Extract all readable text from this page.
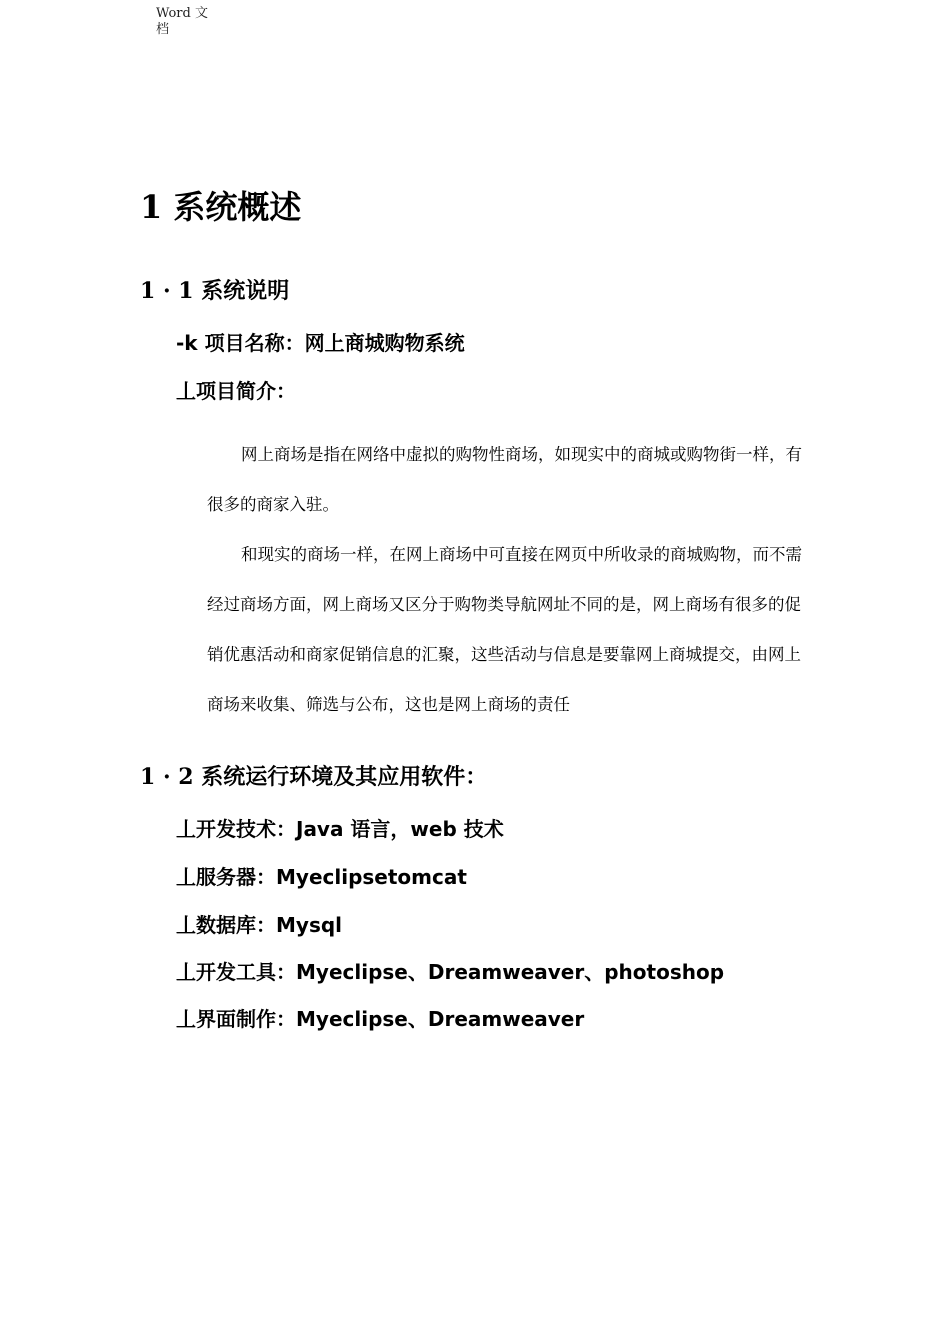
Word 文档
1 系统概述
1 · 1 系统说明
-k 项目名称：网上商城购物系统
丄项目简介：

网上商场是指在网络中虚拟的购物性商场，如现实中的商城或购物街一样，有很多的商家入驻。

和现实的商场一样，在网上商场中可直接在网页中所收录的商城购物，而不需经过商场方面，网上商场又区分于购物类导航网址不同的是，网上商场有很多的促销优惠活动和商家促销信息的汇聚，这些活动与信息是要靠网上商城提交，由网上商场来收集、筛选与公布，这也是网上商场的责任

1 · 2 系统运行环境及其应用软件：
丄开发技术：Java 语言，web 技术
丄服务器：Myeclipsetomcat
丄数据库：Mysql
丄开发工具：Myeclipse、Dreamweaver、photoshop
丄界面制作：Myeclipse、Dreamweaver
